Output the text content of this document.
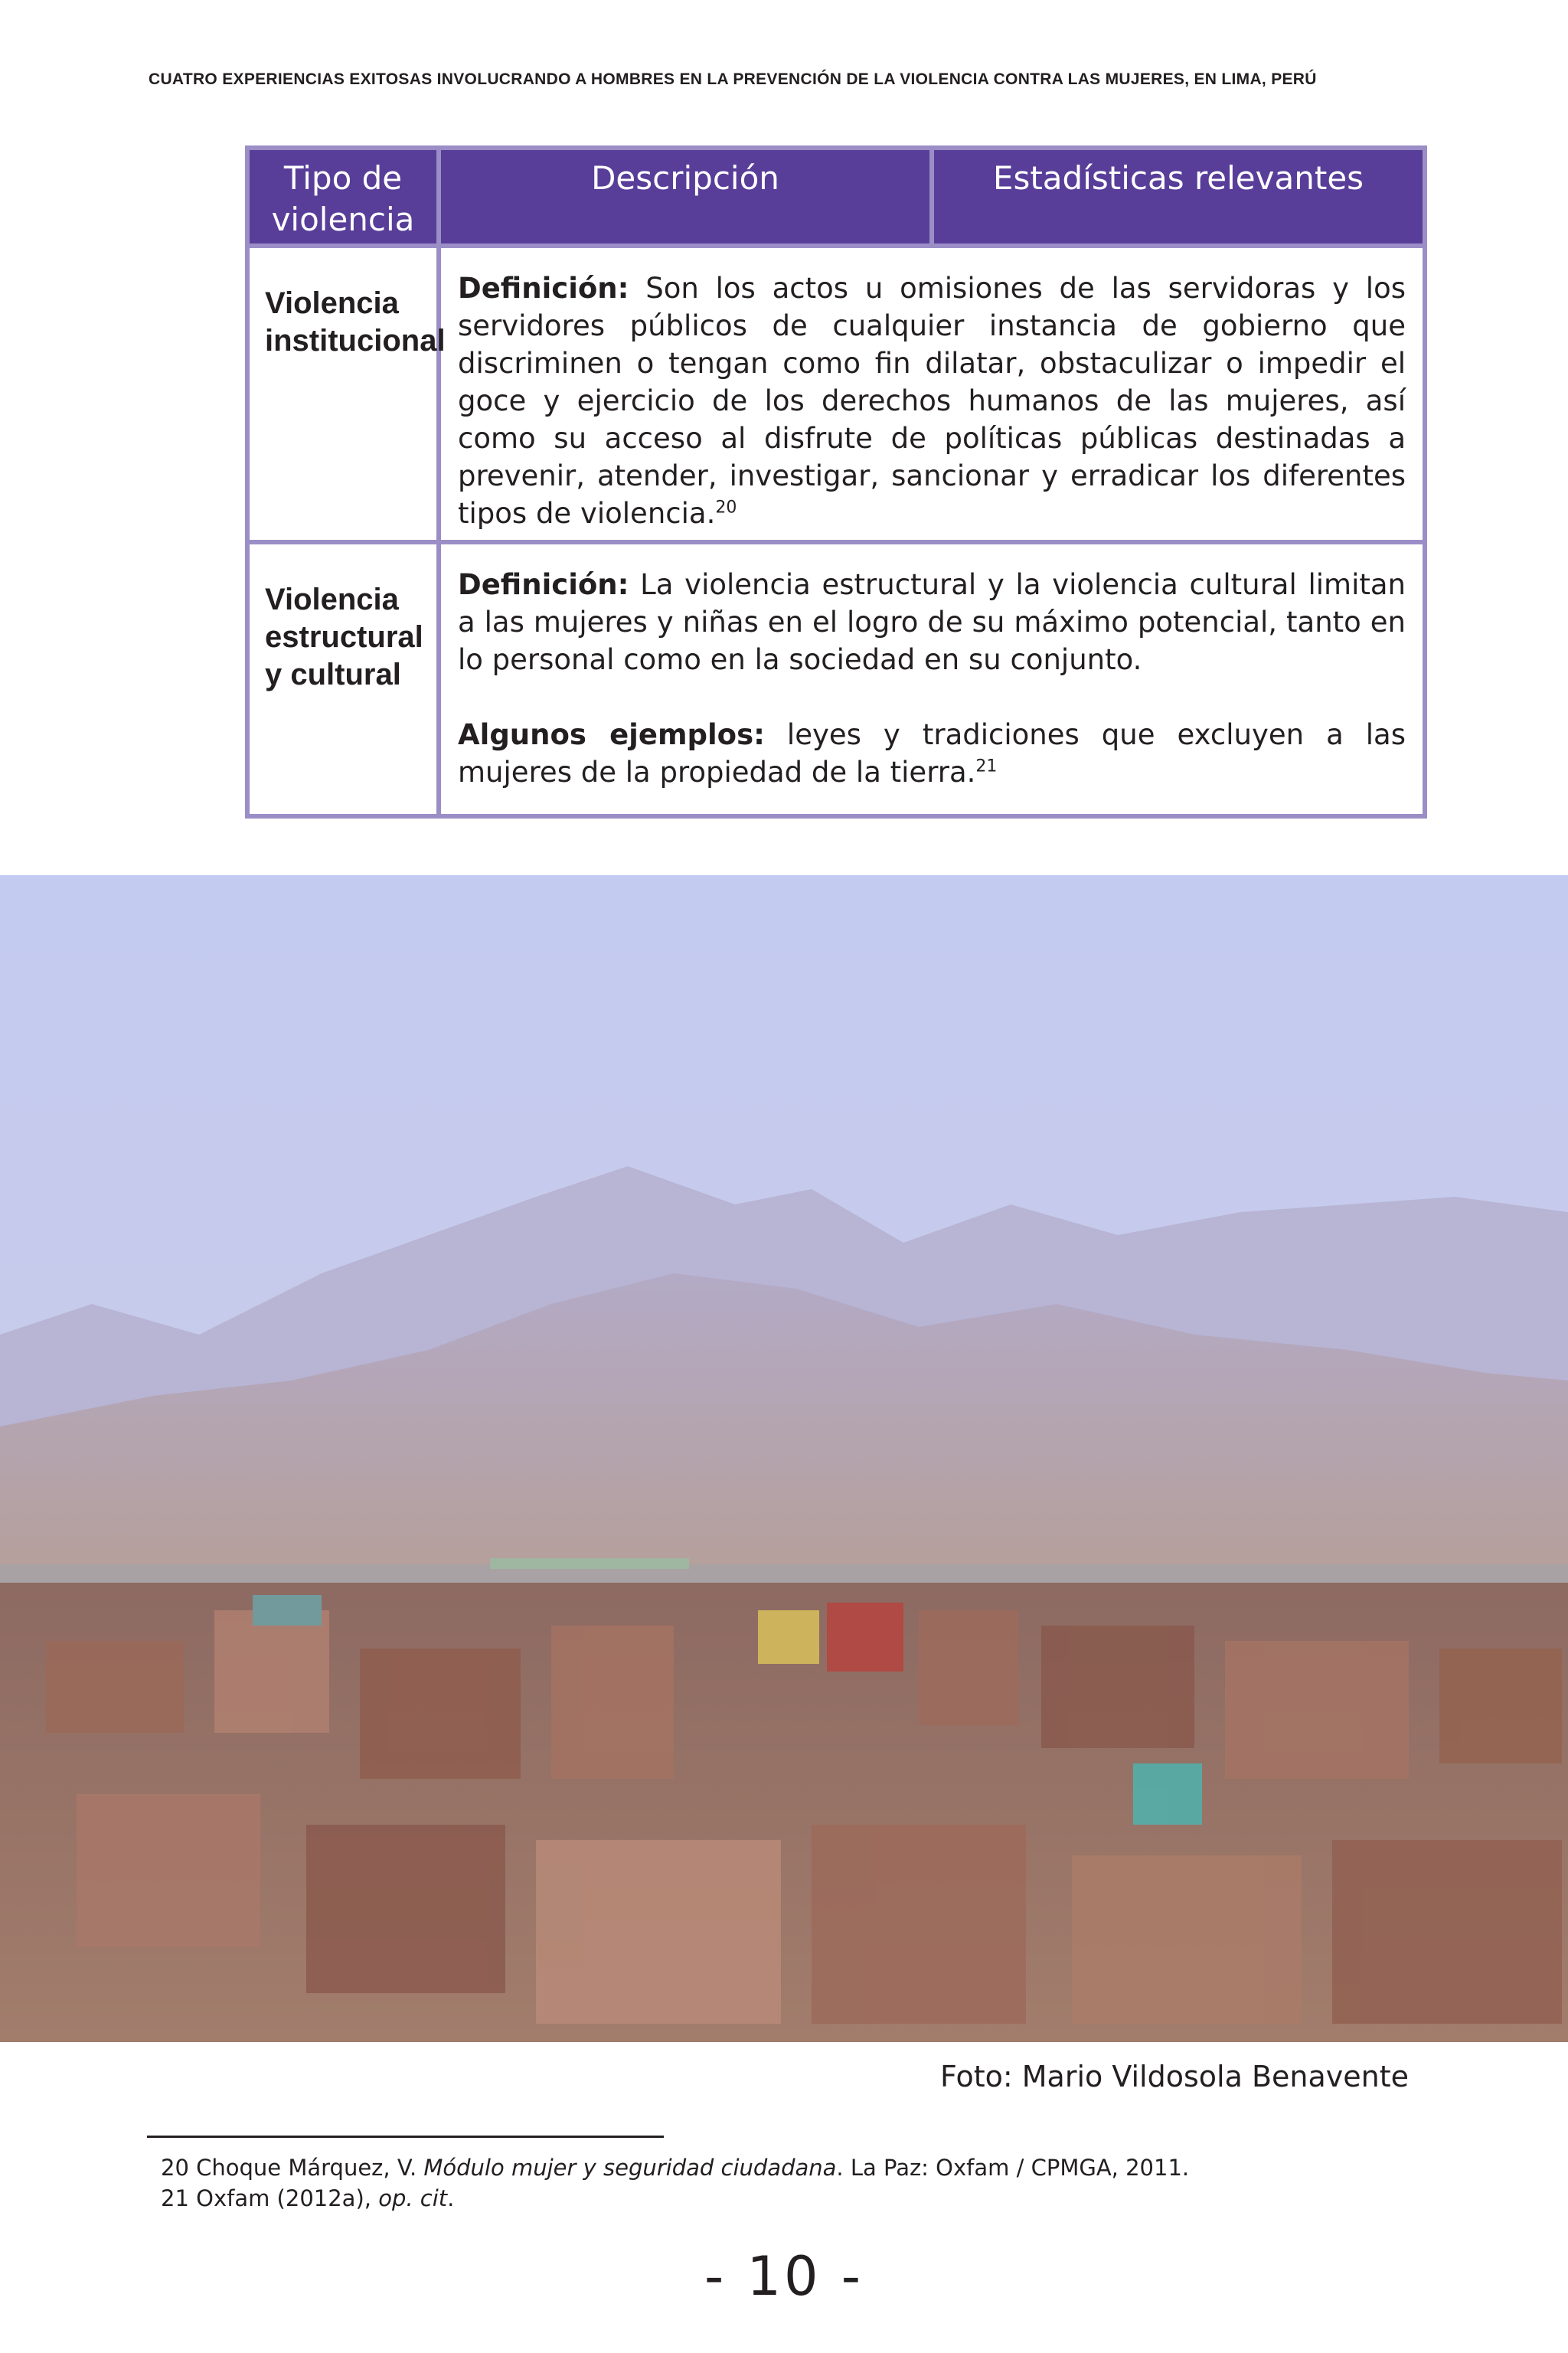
CUATRO EXPERIENCIAS EXITOSAS INVOLUCRANDO A HOMBRES EN LA PREVENCIÓN DE LA VIOLENCIA CONTRA LAS MUJERES, EN LIMA, PERÚ
Tipo de violencia	Descripción	Estadísticas relevantes
Violencia institucional	Definición: Son los actos u omisiones de las servidoras y los servidores públicos de cualquier instancia de gobierno que discriminen o tengan como fin dilatar, obstaculizar o impedir el goce y ejercicio de los derechos humanos de las mujeres, así como su acceso al disfrute de políticas públicas destinadas a prevenir, atender, investigar, sancionar y erradicar los diferentes tipos de violencia.$^{20}$

Violencia estructural y cultural	Definición: La violencia estructural y la violencia cultural limitan a las mujeres y niñas en el logro de su máximo potencial, tanto en lo personal como en la sociedad en su conjunto.

Algunos ejemplos: leyes y tradiciones que excluyen a las mujeres de la propiedad de la tierra.$^{21}$

Foto: Mario Vildosola Benavente
20 Choque Márquez, V. Módulo mujer y seguridad ciudadana. La Paz: Oxfam / CPMGA, 2011.
21 Oxfam (2012a), op. cit.
- 10 -
